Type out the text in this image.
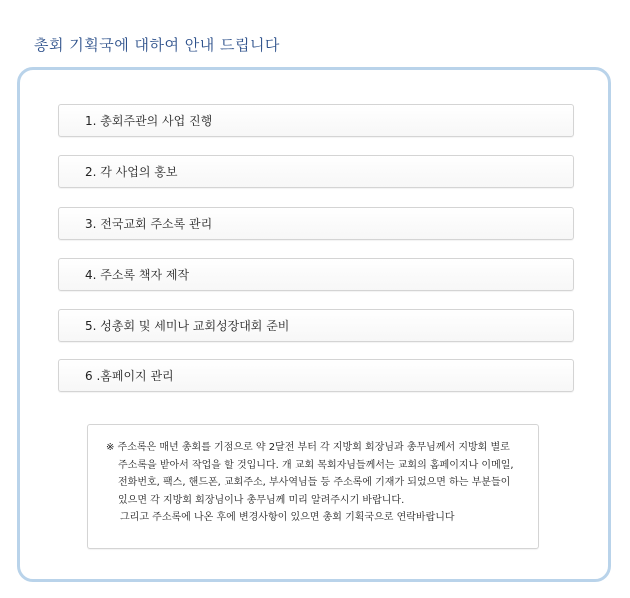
총회 기획국에 대하여 안내 드립니다
1. 총회주관의 사업 진행
2. 각 사업의 홍보
3. 전국교회 주소록 관리
4. 주소록 책자 제작
5. 성총회 및 세미나 교회성장대회 준비
6 .홈페이지 관리
※ 주소록은 매년 총회를 기점으로 약 2달전 부터 각 지방회 회장님과 총무님께서 지방회 별로
주소록을 받아서 작업을 할 것입니다. 개 교회 목회자님들께서는 교회의 홈페이지나 이메일,
전화번호, 팩스, 핸드폰, 교회주소, 부사역님들 등 주소록에 기재가 되었으면 하는 부분들이
있으면 각 지방회 회장님이나 총무님께 미리 알려주시기 바랍니다.
그리고 주소록에 나온 후에 변경사항이 있으면 총회 기획국으로 연락바랍니다
